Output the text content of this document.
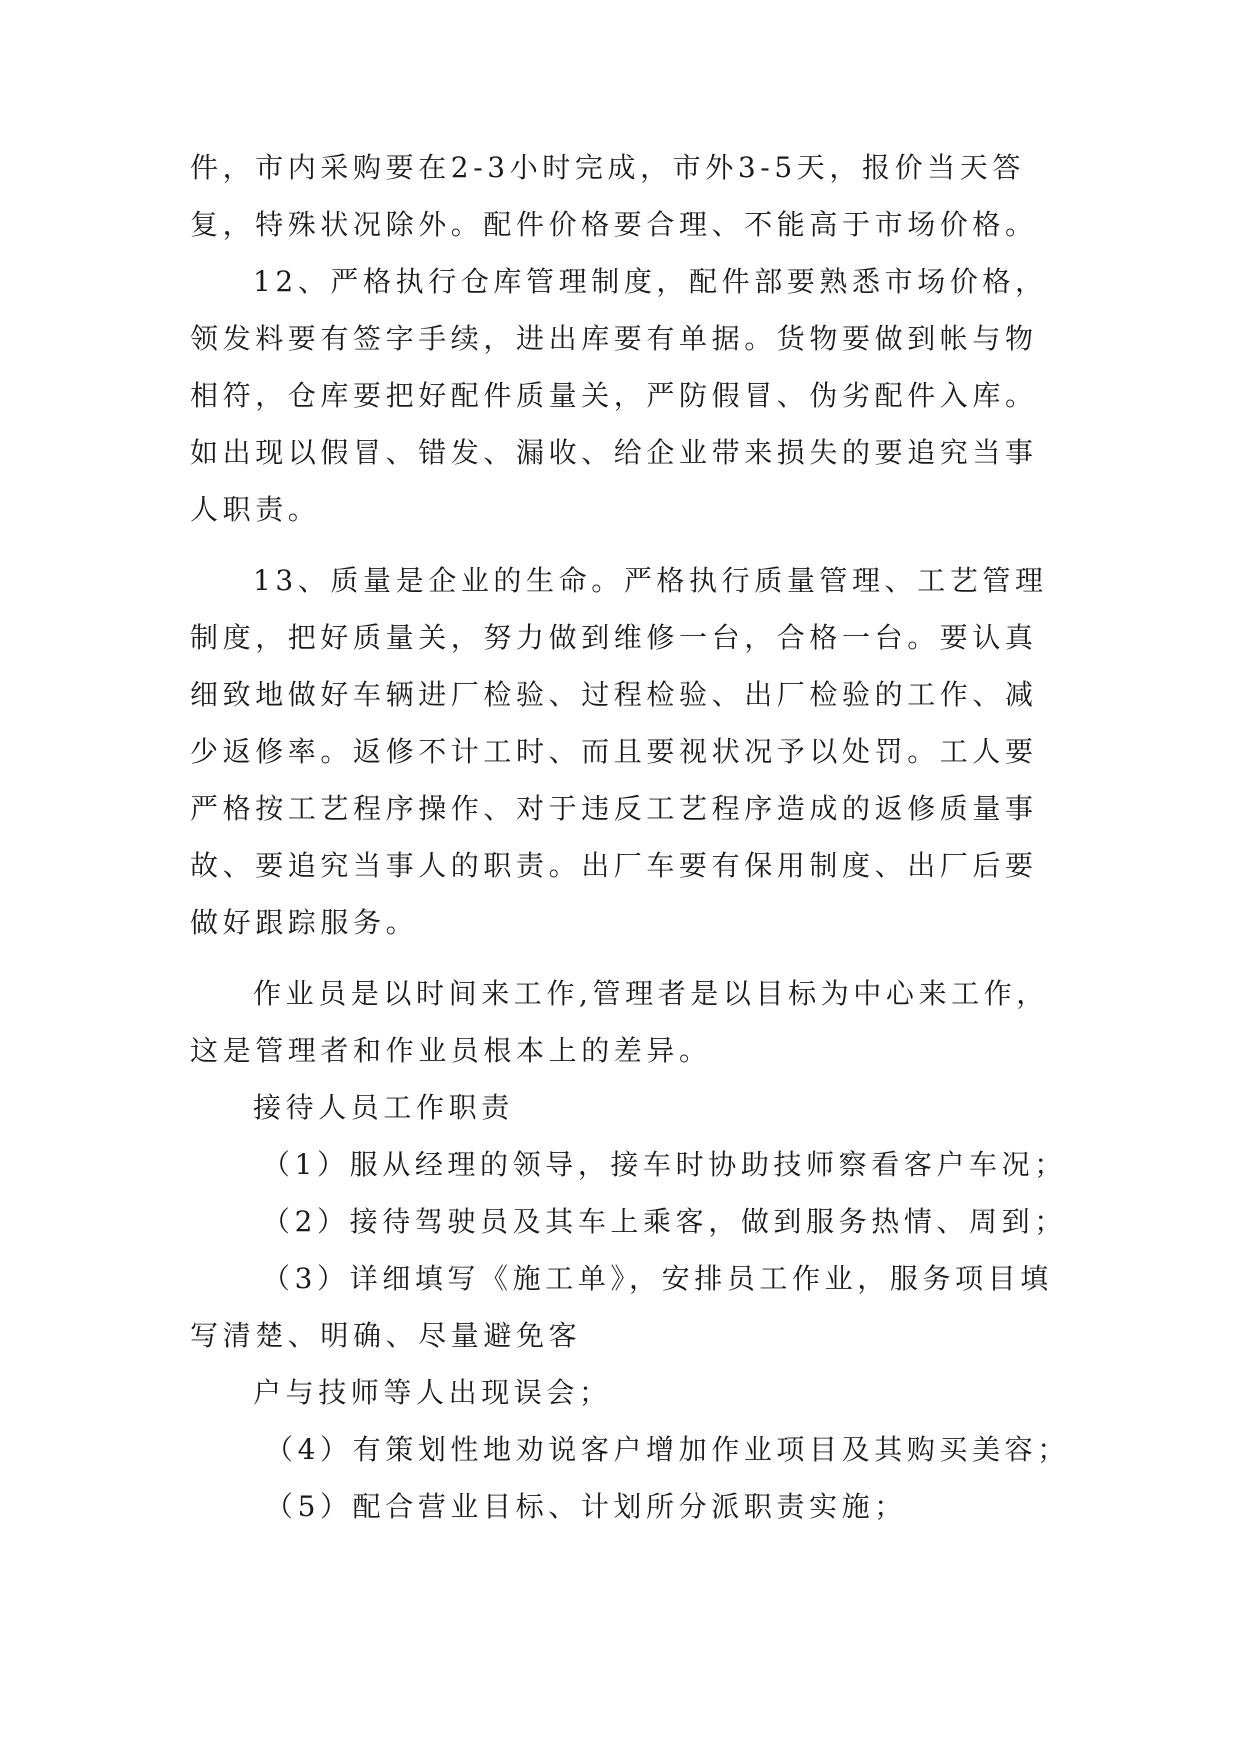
件，市内采购要在2-3小时完成，市外3-5天，报价当天答
复，特殊状况除外。配件价格要合理、不能高于市场价格。
12、严格执行仓库管理制度，配件部要熟悉市场价格，
领发料要有签字手续，进出库要有单据。货物要做到帐与物
相符，仓库要把好配件质量关，严防假冒、伪劣配件入库。
如出现以假冒、错发、漏收、给企业带来损失的要追究当事
人职责。
13、质量是企业的生命。严格执行质量管理、工艺管理
制度，把好质量关，努力做到维修一台，合格一台。要认真
细致地做好车辆进厂检验、过程检验、出厂检验的工作、减
少返修率。返修不计工时、而且要视状况予以处罚。工人要
严格按工艺程序操作、对于违反工艺程序造成的返修质量事
故、要追究当事人的职责。出厂车要有保用制度、出厂后要
做好跟踪服务。
作业员是以时间来工作,管理者是以目标为中心来工作，
这是管理者和作业员根本上的差异。
接待人员工作职责
（1）服从经理的领导，接车时协助技师察看客户车况；
（2）接待驾驶员及其车上乘客，做到服务热情、周到；
（3）详细填写《施工单》，安排员工作业，服务项目填
写清楚、明确、尽量避免客
户与技师等人出现误会；
（4）有策划性地劝说客户增加作业项目及其购买美容；
（5）配合营业目标、计划所分派职责实施；
